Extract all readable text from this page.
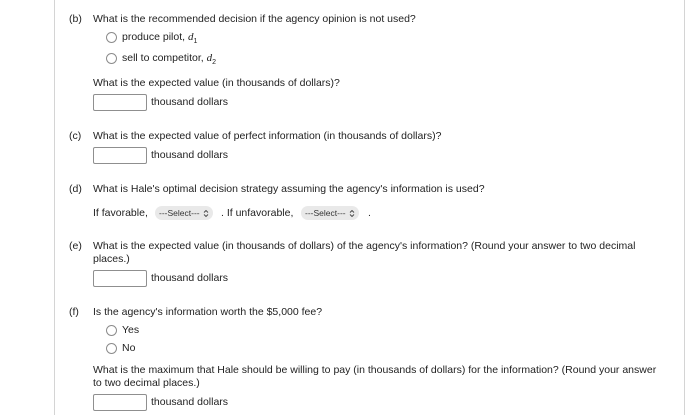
(b) What is the recommended decision if the agency opinion is not used?
produce pilot, $d_1$
sell to competitor, $d_2$
What is the expected value (in thousands of dollars)?
thousand dollars
(c) What is the expected value of perfect information (in thousands of dollars)?
thousand dollars
(d) What is Hale's optimal decision strategy assuming the agency's information is used?
If favorable, ---Select--- . If unfavorable, ---Select--- .
(e) What is the expected value (in thousands of dollars) of the agency's information? (Round your answer to two decimal places.)
thousand dollars
(f) Is the agency's information worth the $5,000 fee?
Yes
No
What is the maximum that Hale should be willing to pay (in thousands of dollars) for the information? (Round your answer to two decimal places.)
thousand dollars
